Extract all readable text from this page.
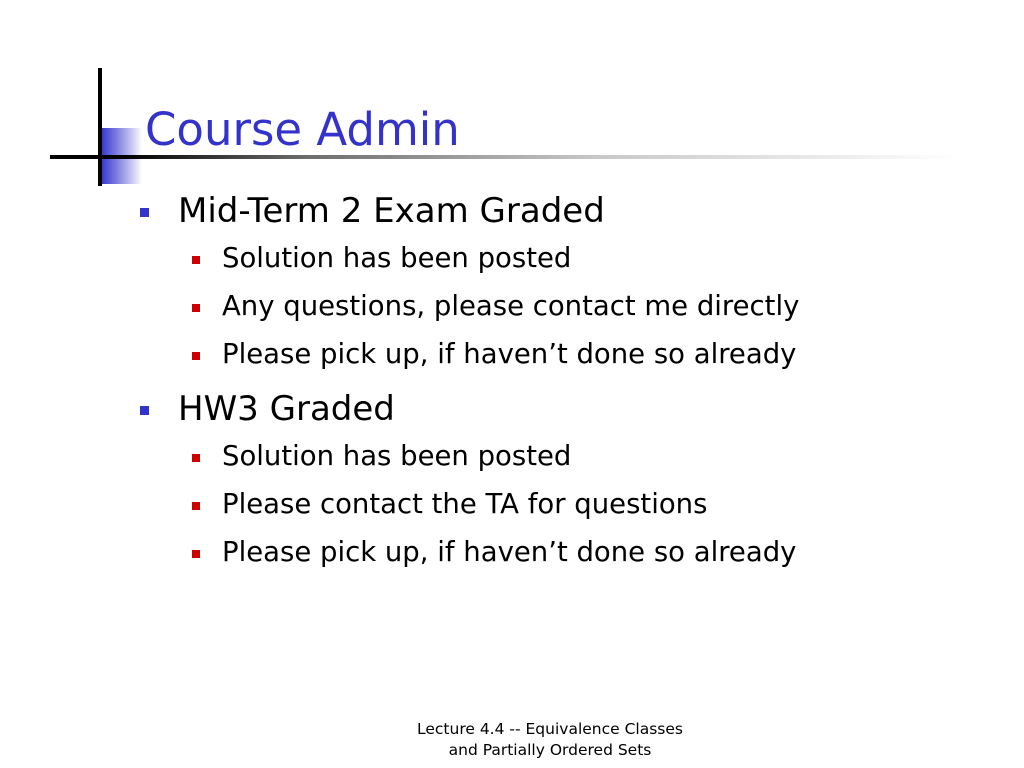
Course Admin
Mid-Term 2 Exam Graded
Solution has been posted
Any questions, please contact me directly
Please pick up, if haven’t done so already
HW3 Graded
Solution has been posted
Please contact the TA for questions
Please pick up, if haven’t done so already
Lecture 4.4 -- Equivalence Classes
and Partially Ordered Sets
